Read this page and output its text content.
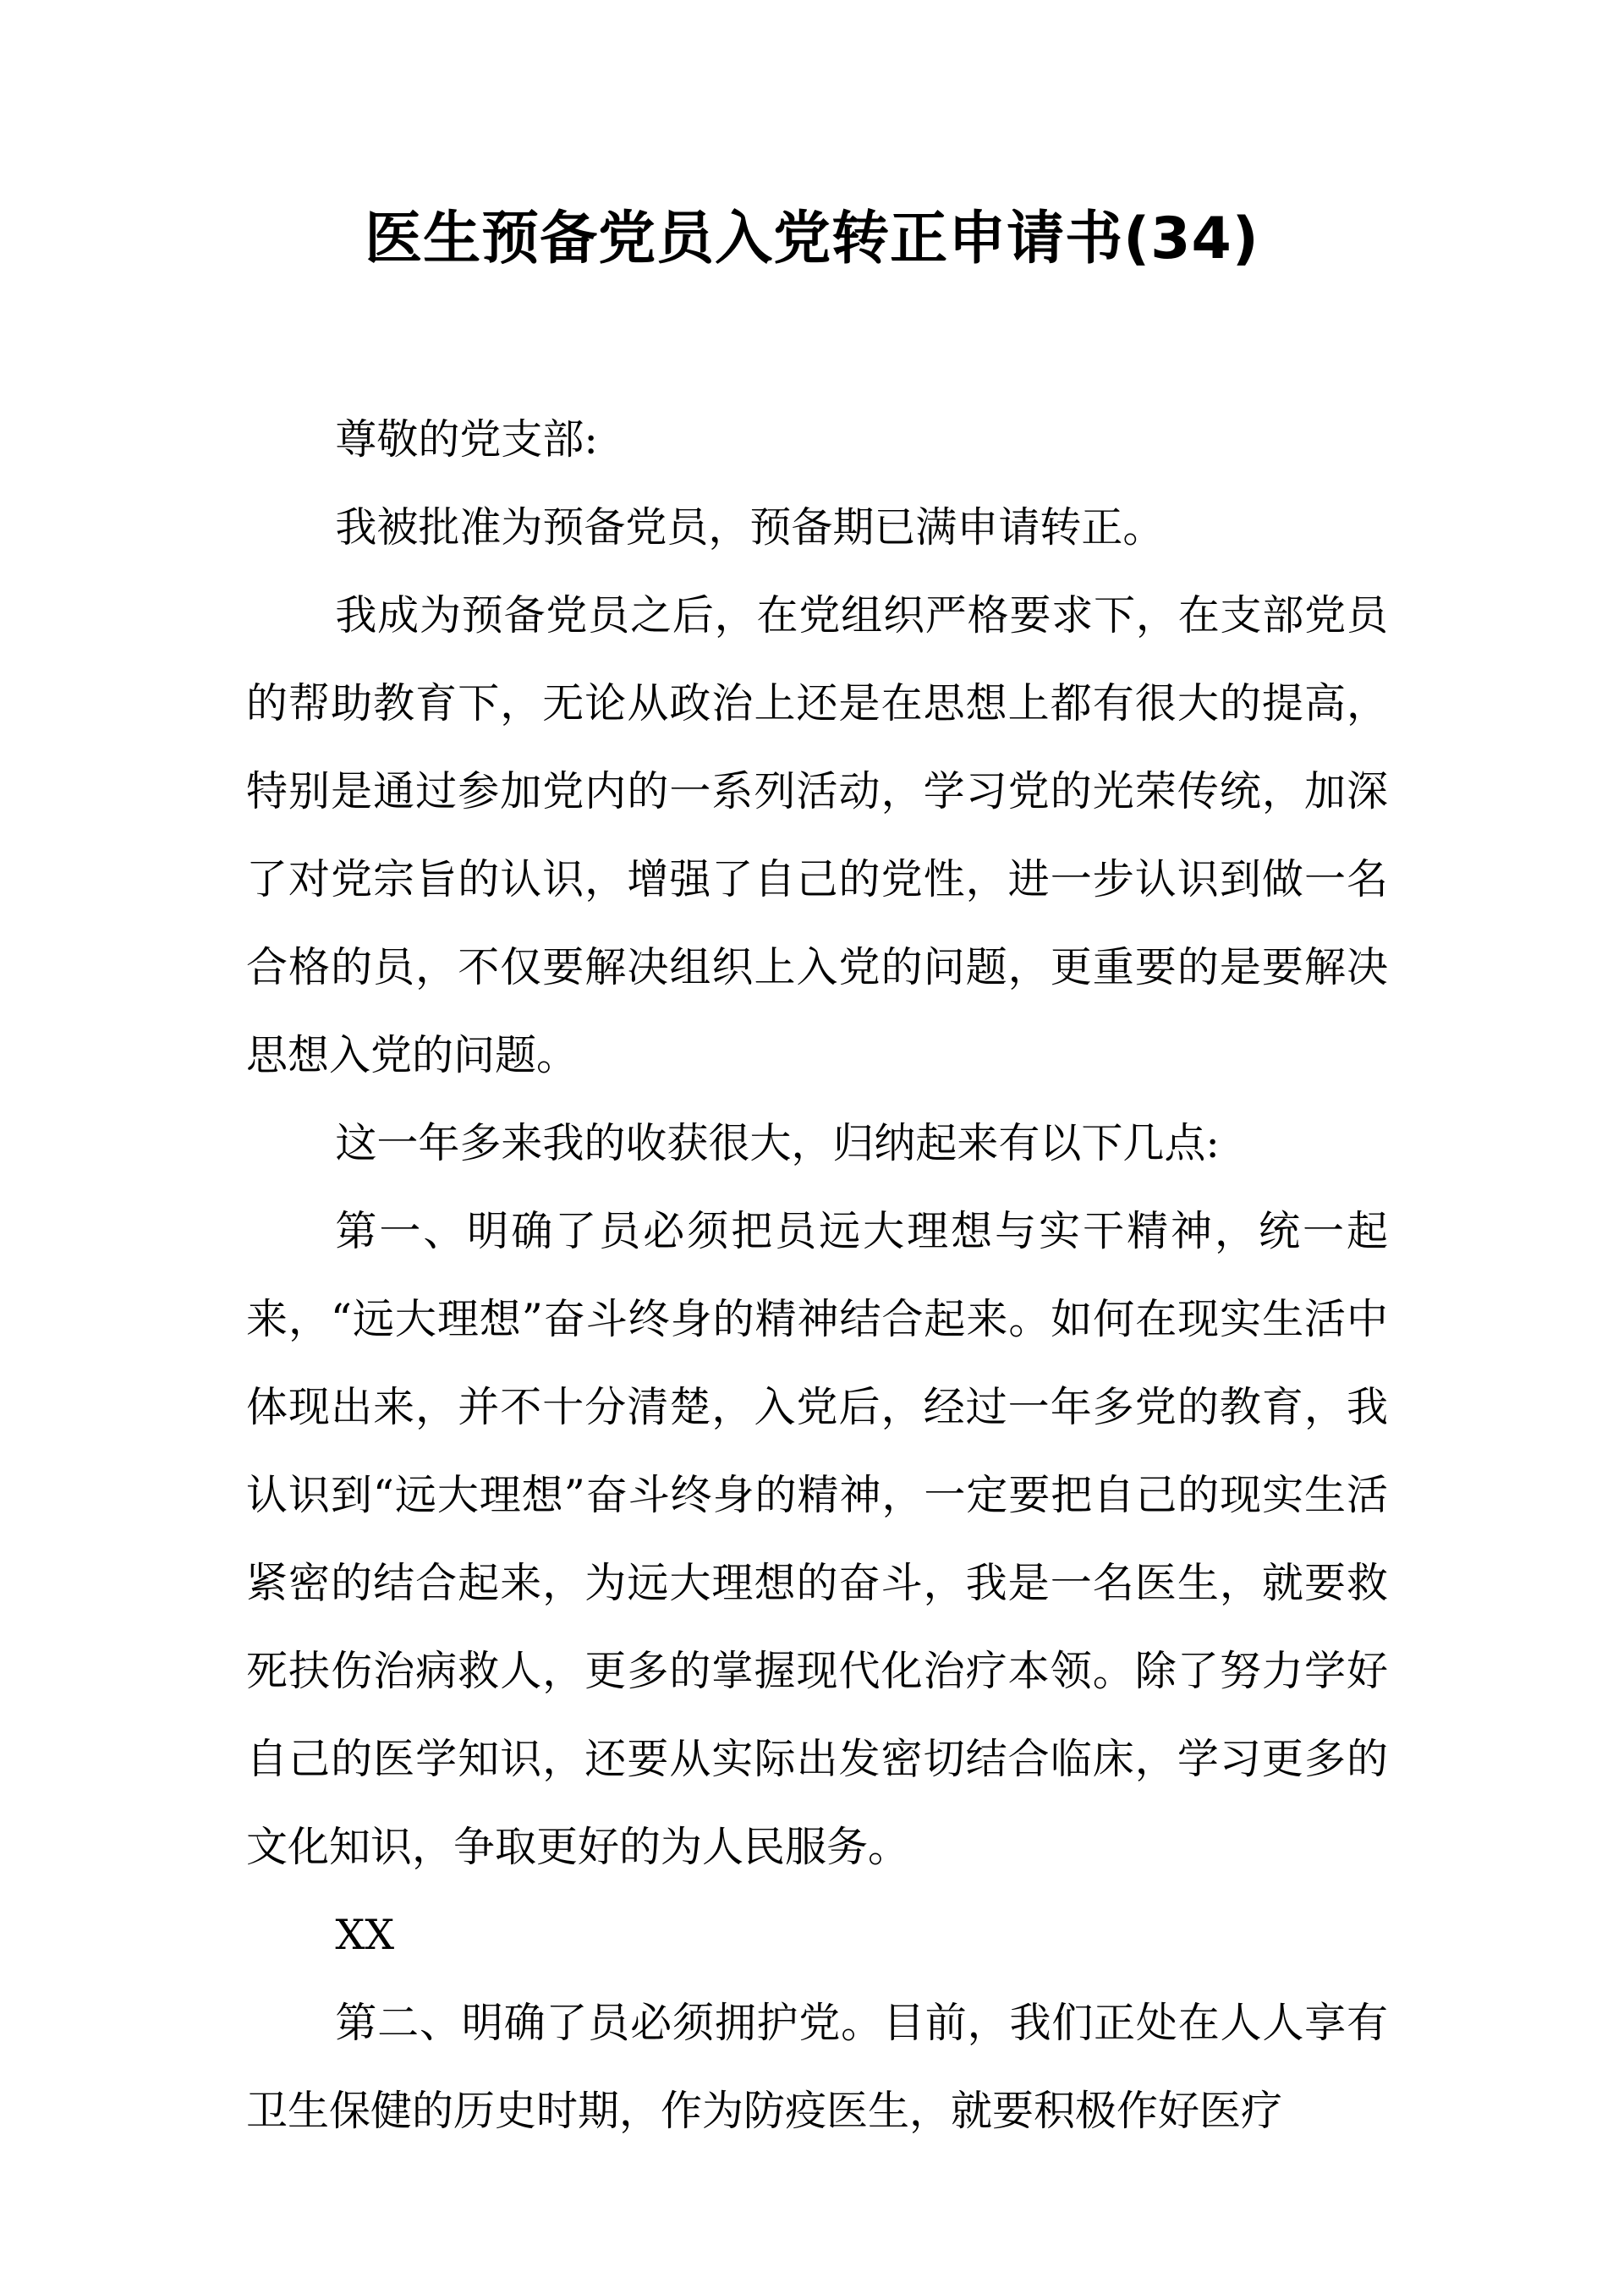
医生预备党员入党转正申请书(34)

尊敬的党支部:

我被批准为预备党员，预备期已满申请转正。

我成为预备党员之后，在党组织严格要求下，在支部党员的帮助教育下，无论从政治上还是在思想上都有很大的提高，特别是通过参加党内的一系列活动，学习党的光荣传统，加深了对党宗旨的认识，增强了自己的党性，进一步认识到做一名合格的员，不仅要解决组织上入党的问题，更重要的是要解决思想入党的问题。

这一年多来我的收获很大，归纳起来有以下几点:

第一、明确了员必须把员远大理想与实干精神，统一起来，“远大理想”奋斗终身的精神结合起来。如何在现实生活中体现出来，并不十分清楚，入党后，经过一年多党的教育，我认识到“远大理想”奋斗终身的精神，一定要把自己的现实生活紧密的结合起来，为远大理想的奋斗，我是一名医生，就要救死扶伤治病救人，更多的掌握现代化治疗本领。除了努力学好自己的医学知识，还要从实际出发密切结合临床，学习更多的文化知识，争取更好的为人民服务。

XX

第二、明确了员必须拥护党。目前，我们正处在人人享有卫生保健的历史时期，作为防疫医生，就要积极作好医疗
